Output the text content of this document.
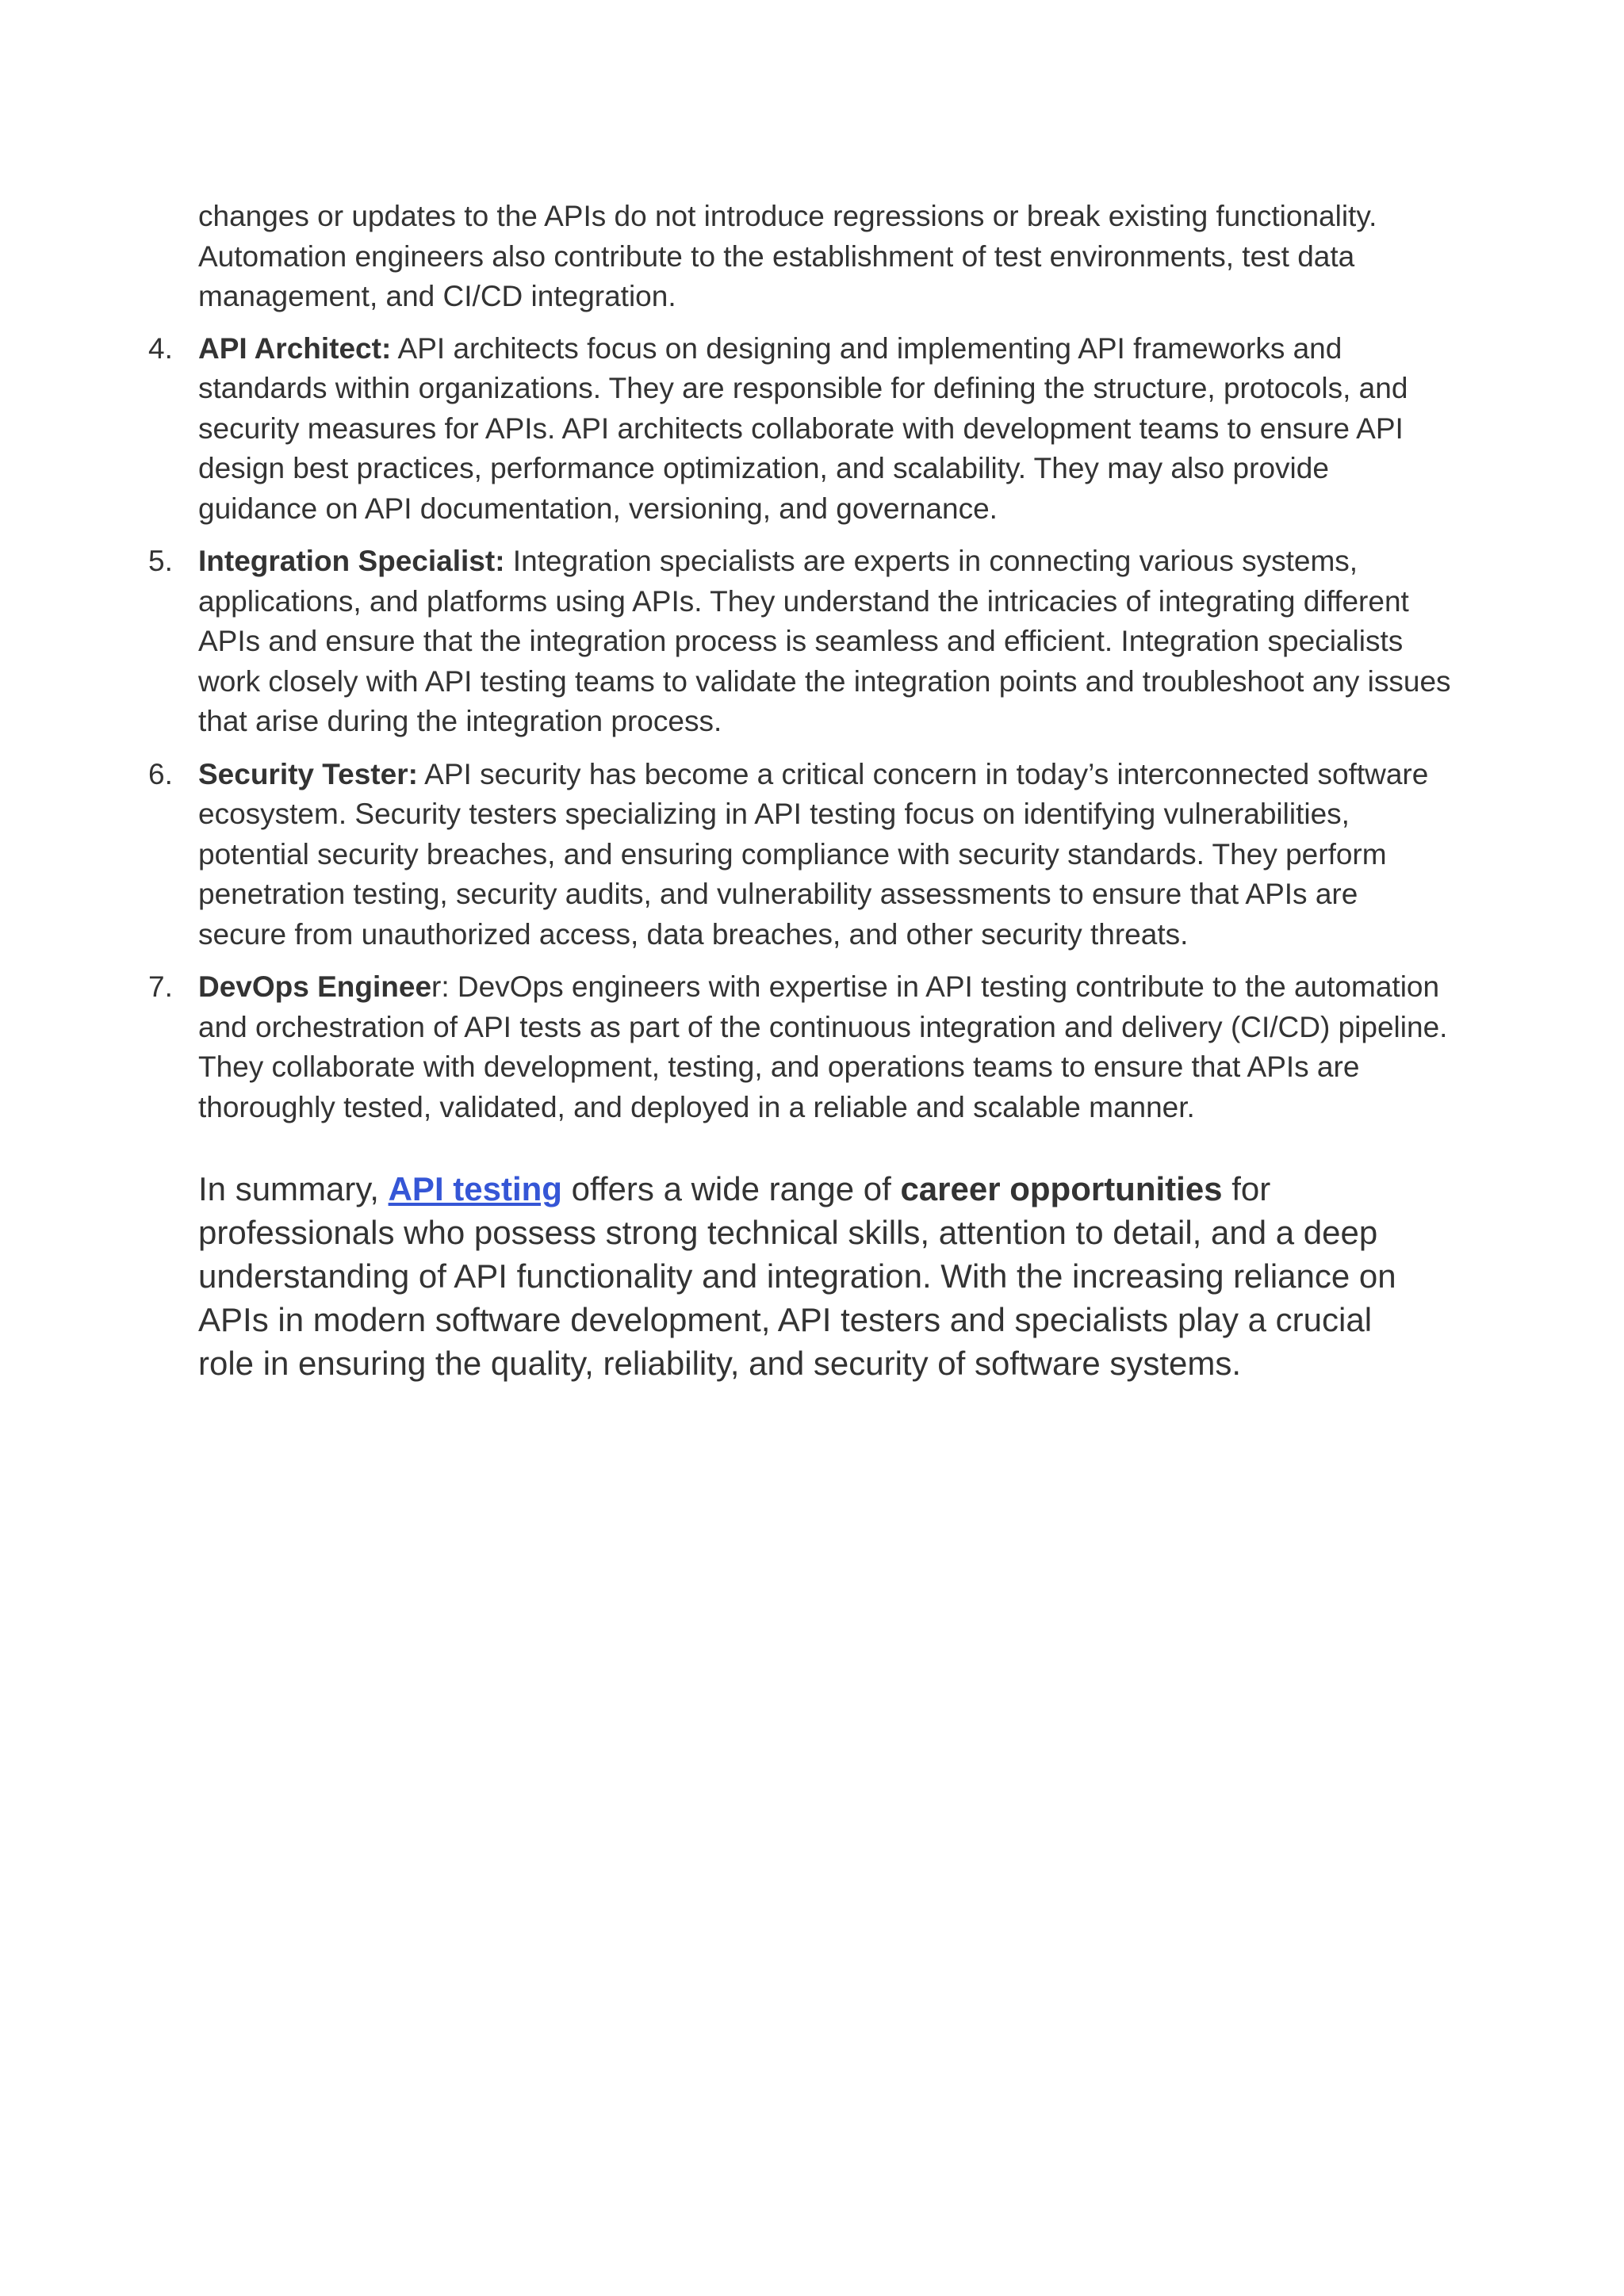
changes or updates to the APIs do not introduce regressions or break existing functionality. Automation engineers also contribute to the establishment of test environments, test data management, and CI/CD integration.

4. API Architect: API architects focus on designing and implementing API frameworks and standards within organizations. They are responsible for defining the structure, protocols, and security measures for APIs. API architects collaborate with development teams to ensure API design best practices, performance optimization, and scalability. They may also provide guidance on API documentation, versioning, and governance.
5. Integration Specialist: Integration specialists are experts in connecting various systems, applications, and platforms using APIs. They understand the intricacies of integrating different APIs and ensure that the integration process is seamless and efficient. Integration specialists work closely with API testing teams to validate the integration points and troubleshoot any issues that arise during the integration process.
6. Security Tester: API security has become a critical concern in today’s interconnected software ecosystem. Security testers specializing in API testing focus on identifying vulnerabilities, potential security breaches, and ensuring compliance with security standards. They perform penetration testing, security audits, and vulnerability assessments to ensure that APIs are secure from unauthorized access, data breaches, and other security threats.
7. DevOps Engineer: DevOps engineers with expertise in API testing contribute to the automation and orchestration of API tests as part of the continuous integration and delivery (CI/CD) pipeline. They collaborate with development, testing, and operations teams to ensure that APIs are thoroughly tested, validated, and deployed in a reliable and scalable manner.

In summary, API testing offers a wide range of career opportunities for professionals who possess strong technical skills, attention to detail, and a deep understanding of API functionality and integration. With the increasing reliance on APIs in modern software development, API testers and specialists play a crucial role in ensuring the quality, reliability, and security of software systems.
